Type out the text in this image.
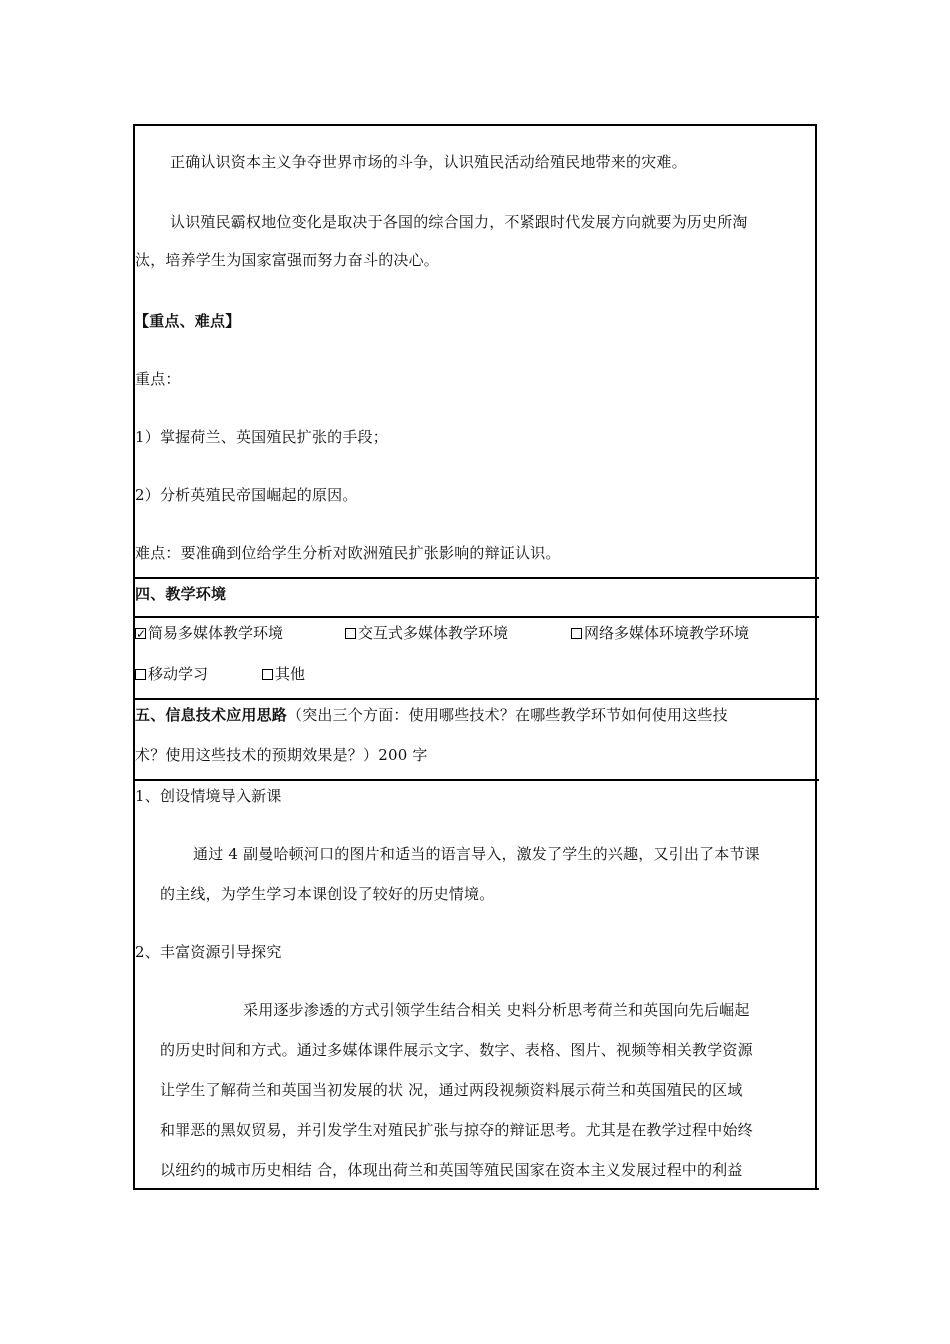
正确认识资本主义争夺世界市场的斗争，认识殖民活动给殖民地带来的灾难。
认识殖民霸权地位变化是取决于各国的综合国力，不紧跟时代发展方向就要为历史所淘
汰，培养学生为国家富强而努力奋斗的决心。
【重点、难点】
重点：
1）掌握荷兰、英国殖民扩张的手段；
2）分析英殖民帝国崛起的原因。
难点：要准确到位给学生分析对欧洲殖民扩张影响的辩证认识。
四、教学环境
✓简易多媒体教学环境	交互式多媒体教学环境	网络多媒体环境教学环境
移动学习	其他
五、信息技术应用思路（突出三个方面：使用哪些技术？在哪些教学环节如何使用这些技
术？使用这些技术的预期效果是？）200 字
1、创设情境导入新课
通过 4 副曼哈顿河口的图片和适当的语言导入，激发了学生的兴趣，又引出了本节课
的主线，为学生学习本课创设了较好的历史情境。
2、丰富资源引导探究
采用逐步渗透的方式引领学生结合相关 史料分析思考荷兰和英国向先后崛起
的历史时间和方式。通过多媒体课件展示文字、数字、表格、图片、视频等相关教学资源
让学生了解荷兰和英国当初发展的状 况，通过两段视频资料展示荷兰和英国殖民的区域
和罪恶的黑奴贸易，并引发学生对殖民扩张与掠夺的辩证思考。尤其是在教学过程中始终
以纽约的城市历史相结 合，体现出荷兰和英国等殖民国家在资本主义发展过程中的利益
